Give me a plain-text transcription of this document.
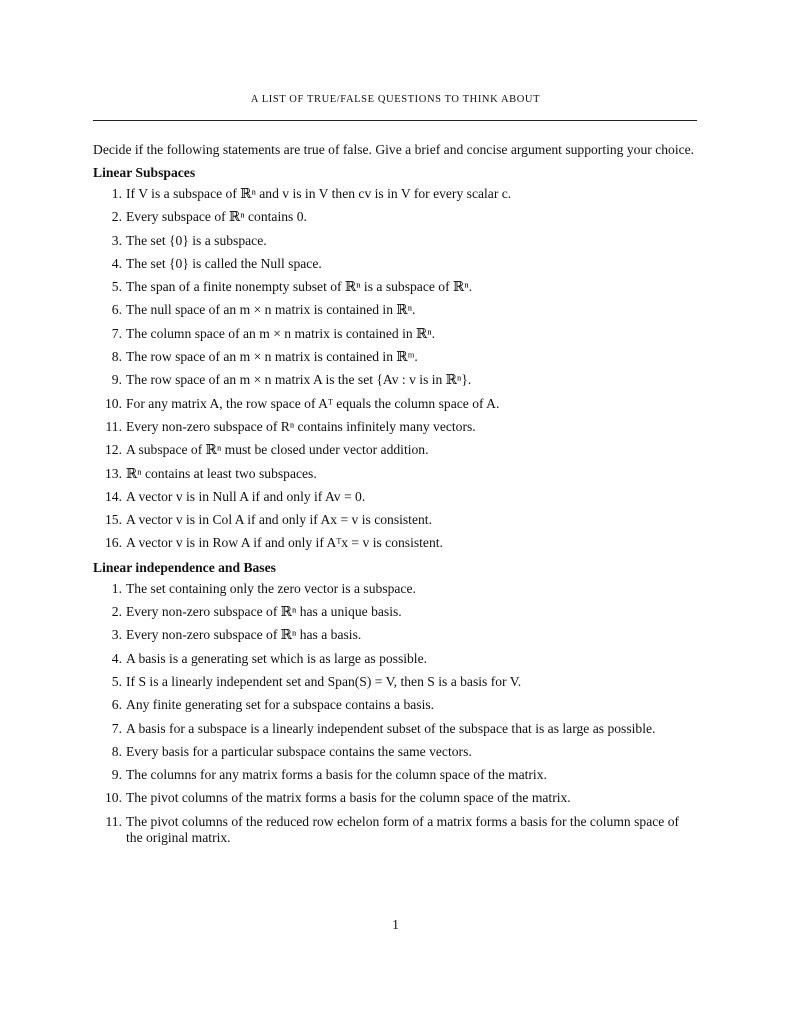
A LIST OF TRUE/FALSE QUESTIONS TO THINK ABOUT

Decide if the following statements are true of false. Give a brief and concise argument supporting your choice.

Linear Subspaces
1. If V is a subspace of ℝⁿ and v is in V then cv is in V for every scalar c.
2. Every subspace of ℝⁿ contains 0.
3. The set {0} is a subspace.
4. The set {0} is called the Null space.
5. The span of a finite nonempty subset of ℝⁿ is a subspace of ℝⁿ.
6. The null space of an m × n matrix is contained in ℝⁿ.
7. The column space of an m × n matrix is contained in ℝⁿ.
8. The row space of an m × n matrix is contained in ℝᵐ.
9. The row space of an m × n matrix A is the set {Av : v is in ℝⁿ}.
10. For any matrix A, the row space of Aᵀ equals the column space of A.
11. Every non-zero subspace of Rⁿ contains infinitely many vectors.
12. A subspace of ℝⁿ must be closed under vector addition.
13. ℝⁿ contains at least two subspaces.
14. A vector v is in Null A if and only if Av = 0.
15. A vector v is in Col A if and only if Ax = v is consistent.
16. A vector v is in Row A if and only if Aᵀx = v is consistent.
Linear independence and Bases
1. The set containing only the zero vector is a subspace.
2. Every non-zero subspace of ℝⁿ has a unique basis.
3. Every non-zero subspace of ℝⁿ has a basis.
4. A basis is a generating set which is as large as possible.
5. If S is a linearly independent set and Span(S) = V, then S is a basis for V.
6. Any finite generating set for a subspace contains a basis.
7. A basis for a subspace is a linearly independent subset of the subspace that is as large as possible.
8. Every basis for a particular subspace contains the same vectors.
9. The columns for any matrix forms a basis for the column space of the matrix.
10. The pivot columns of the matrix forms a basis for the column space of the matrix.
11. The pivot columns of the reduced row echelon form of a matrix forms a basis for the column space of the original matrix.
1
